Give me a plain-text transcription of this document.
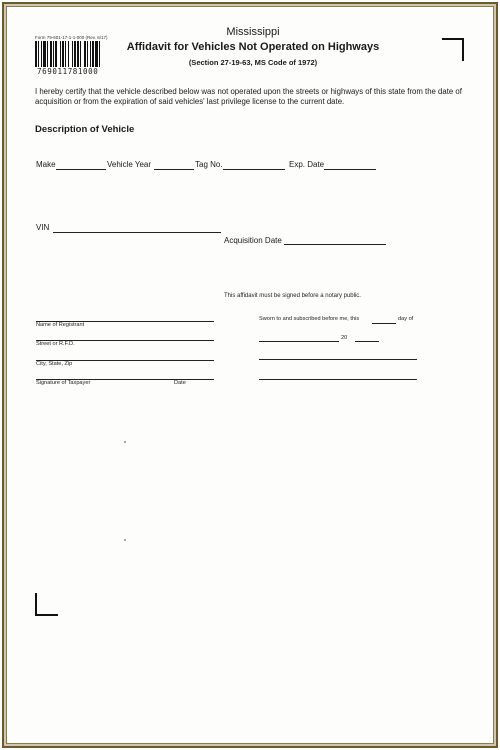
Form 79-601-17-1-1-000 (Rev. 6/17)
769011781000
Mississippi
Affidavit for Vehicles Not Operated on Highways
(Section 27-19-63, MS Code of 1972)
I hereby certify that the vehicle described below was not operated upon the streets or highways of this state from the date of acquisition or from the expiration of said vehicles' last privilege license to the current date.
Description of Vehicle
Make	Vehicle Year	Tag No.	Exp. Date
VIN
Acquisition Date
This affidavit must be signed before a notary public.
Name of Registrant
Street or R.F.D.
City, State, Zip
Signature of Taxpayer	Date
Sworn to and subscribed before me, this	day of
20
